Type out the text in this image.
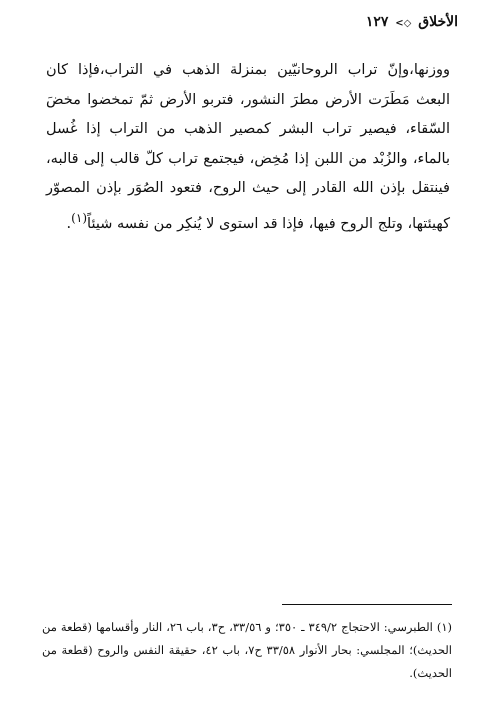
الأخلاق ◇> ١٢٧

ووزنها،وإنّ تراب الروحانيّين بمنزلة الذهب في التراب،فإذا كان البعث مَطَرَت الأرض مطرَ النشور، فتربو الأرض ثمّ تمخضوا مخضَ السّقاء، فيصير تراب البشر كمصير الذهب من التراب إذا غُسل بالماء، والزُبْد من اللبن إذا مُخِض، فيجتمع تراب كلّ قالب إلى قالبه، فينتقل بإذن الله القادر إلى حيث الروح، فتعود الصُوَر بإذن المصوّر كهيئتها، وتلج الروح فيها، فإذا قد استوى لا يُنكِر من نفسه شيئاً$^{(١)}$.

(١) الطبرسي: الاحتجاج ٣٤٩/٢ ـ ٣٥٠؛ و ٣٣/٥٦، ح٣، باب ٢٦، النار وأقسامها (قطعة من الحديث)؛ المجلسي: بحار الأنوار ٣٣/٥٨ ح٧، باب ٤٢، حقيقة النفس والروح (قطعة من الحديث).
